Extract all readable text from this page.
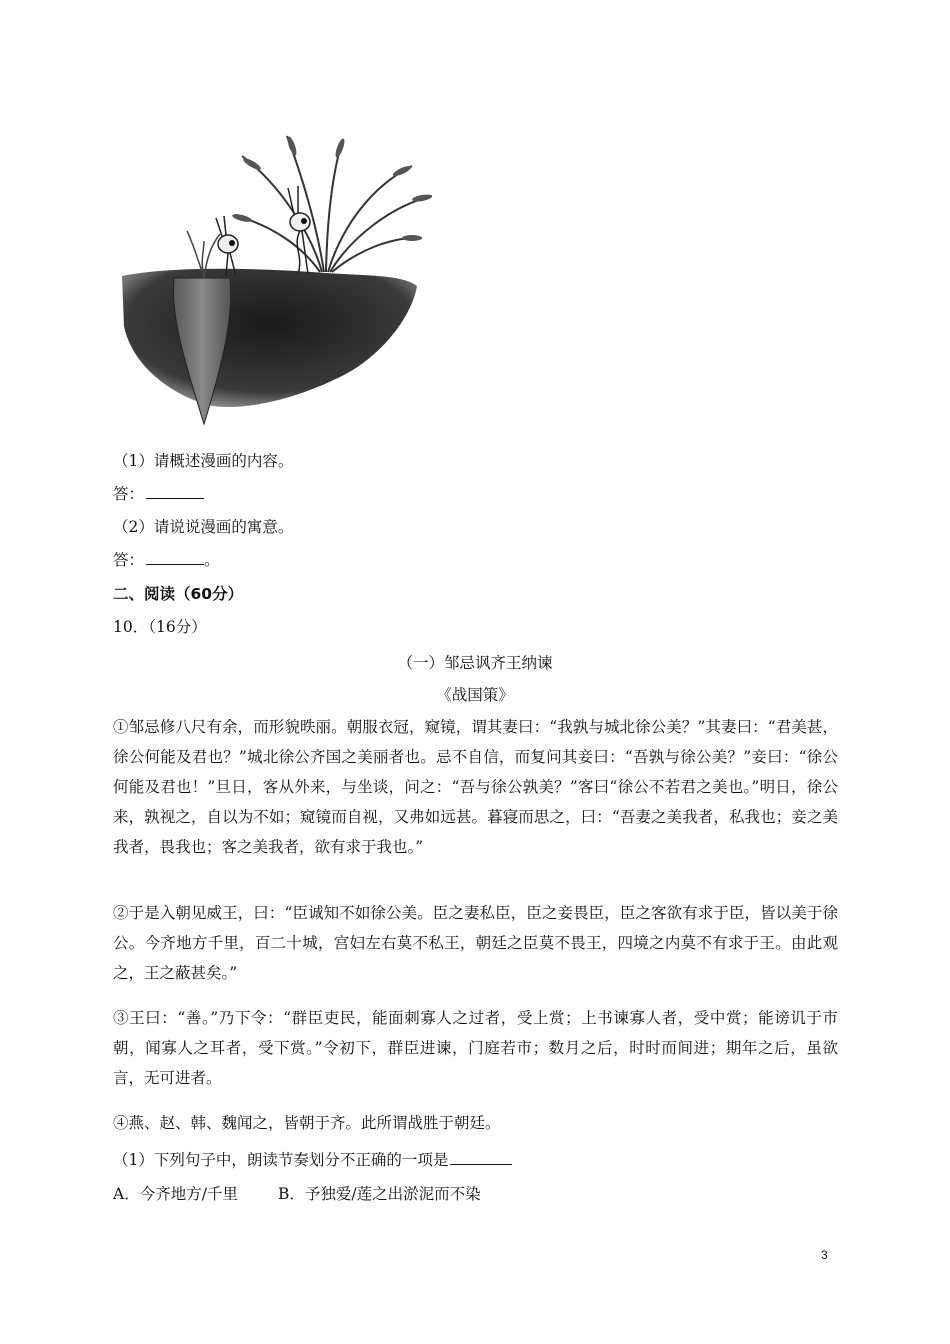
（1）请概述漫画的内容。
答：
（2）请说说漫画的寓意。
答：	。
二、阅读（60分）
10．（16分）
（一）邹忌讽齐王纳谏
《战国策》
①邹忌修八尺有余，而形貌昳丽。朝服衣冠，窥镜，谓其妻曰：“我孰与城北徐公美？”其妻曰：“君美甚，徐公何能及君也？”城北徐公齐国之美丽者也。忌不自信，而复问其妾曰：“吾孰与徐公美？”妾曰：“徐公何能及君也！”旦日，客从外来，与坐谈，问之：“吾与徐公孰美？”客曰“徐公不若君之美也。”明日，徐公来，孰视之，自以为不如；窥镜而自视，又弗如远甚。暮寝而思之，曰：“吾妻之美我者，私我也；妾之美我者，畏我也；客之美我者，欲有求于我也。”
②于是入朝见威王，曰：“臣诚知不如徐公美。臣之妻私臣，臣之妾畏臣，臣之客欲有求于臣，皆以美于徐公。今齐地方千里，百二十城，宫妇左右莫不私王，朝廷之臣莫不畏王，四境之内莫不有求于王。由此观之，王之蔽甚矣。”
③王曰：“善。”乃下令：“群臣吏民，能面刺寡人之过者，受上赏；上书谏寡人者，受中赏；能谤讥于市朝，闻寡人之耳者，受下赏。”令初下，群臣进谏，门庭若市；数月之后，时时而间进；期年之后，虽欲言，无可进者。
④燕、赵、韩、魏闻之，皆朝于齐。此所谓战胜于朝廷。
（1）下列句子中，朗读节奏划分不正确的一项是
A．今齐地方/千里	B．予独爱/莲之出淤泥而不染
3
